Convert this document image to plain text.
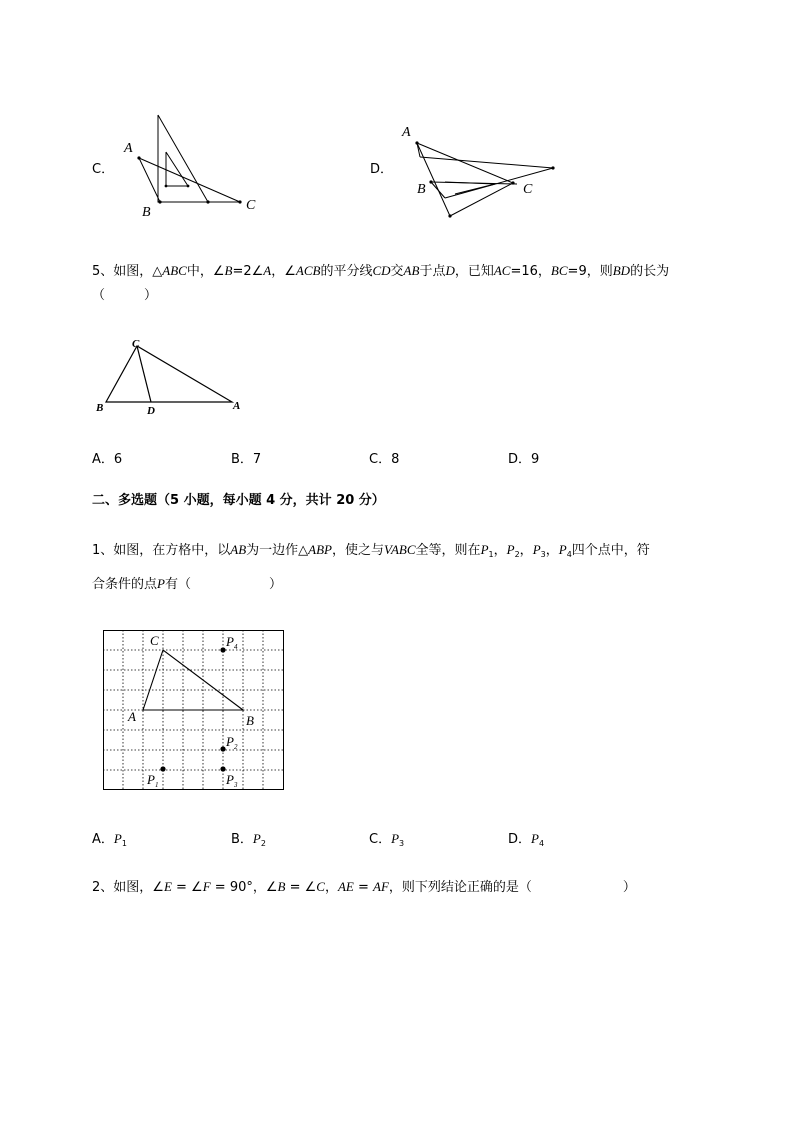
C．
A
B	C
D．
A
B	C
5、如图，△ABC中，∠B=2∠A，∠ACB的平分线CD交AB于点D，已知AC=16，BC=9，则BD的长为
（　　　）
C
B	D	A
A．6	B．7	C．8	D．9
二、多选题（5 小题，每小题 4 分，共计 20 分）
1、如图，在方格中，以AB为一边作△ABP，使之与VABC全等，则在$P_1$，$P_2$，$P_3$，$P_4$四个点中，符
合条件的点P有（　　　　　　）
C
A	B
$P_4$
$P_2$
$P_1$	$P_3$
A．$P_1$	B．$P_2$	C．$P_3$	D．$P_4$
2、如图，∠E = ∠F = 90°，∠B = ∠C，AE = AF，则下列结论正确的是（　　　　　　　）
